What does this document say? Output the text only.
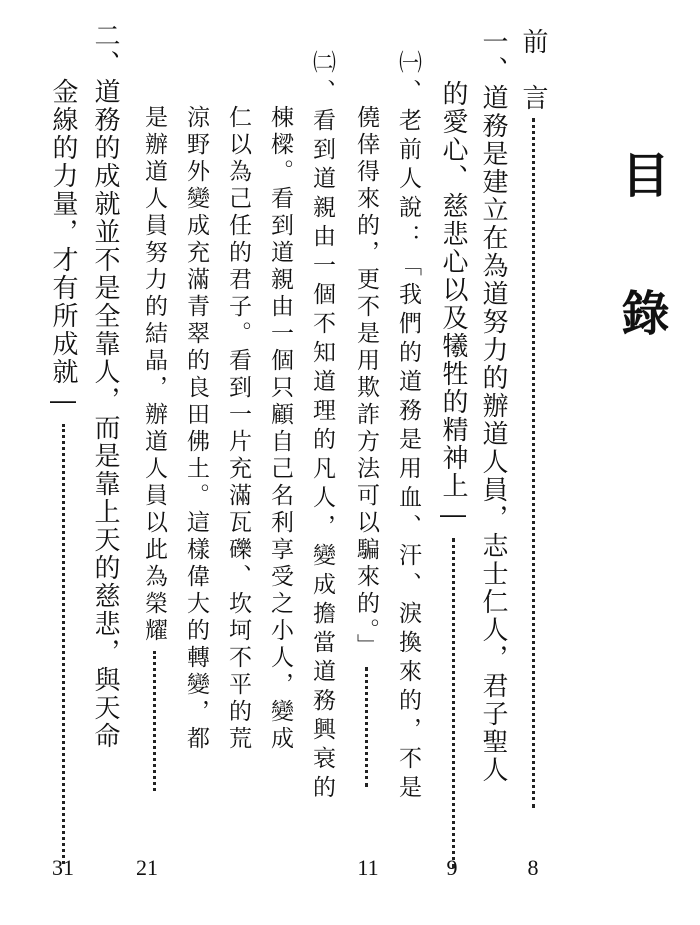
目錄
前　言
8
一、道務是建立在為道努力的辦道人員，志士仁人，君子聖人
的愛心、慈悲心以及犧牲的精神上―
9
㈠、老前人說：「我們的道務是用血、汗、淚換來的，不是
僥倖得來的，更不是用欺詐方法可以騙來的。」
11
㈡、看到道親由一個不知道理的凡人，變成擔當道務興衰的
棟樑。看到道親由一個只顧自己名利享受之小人，變成
仁以為己任的君子。看到一片充滿瓦礫、坎坷不平的荒
涼野外變成充滿青翠的良田佛土。這樣偉大的轉變，都
是辦道人員努力的結晶，辦道人員以此為榮耀
21
二、道務的成就並不是全靠人，而是靠上天的慈悲，與天命
金線的力量，才有所成就―
31
